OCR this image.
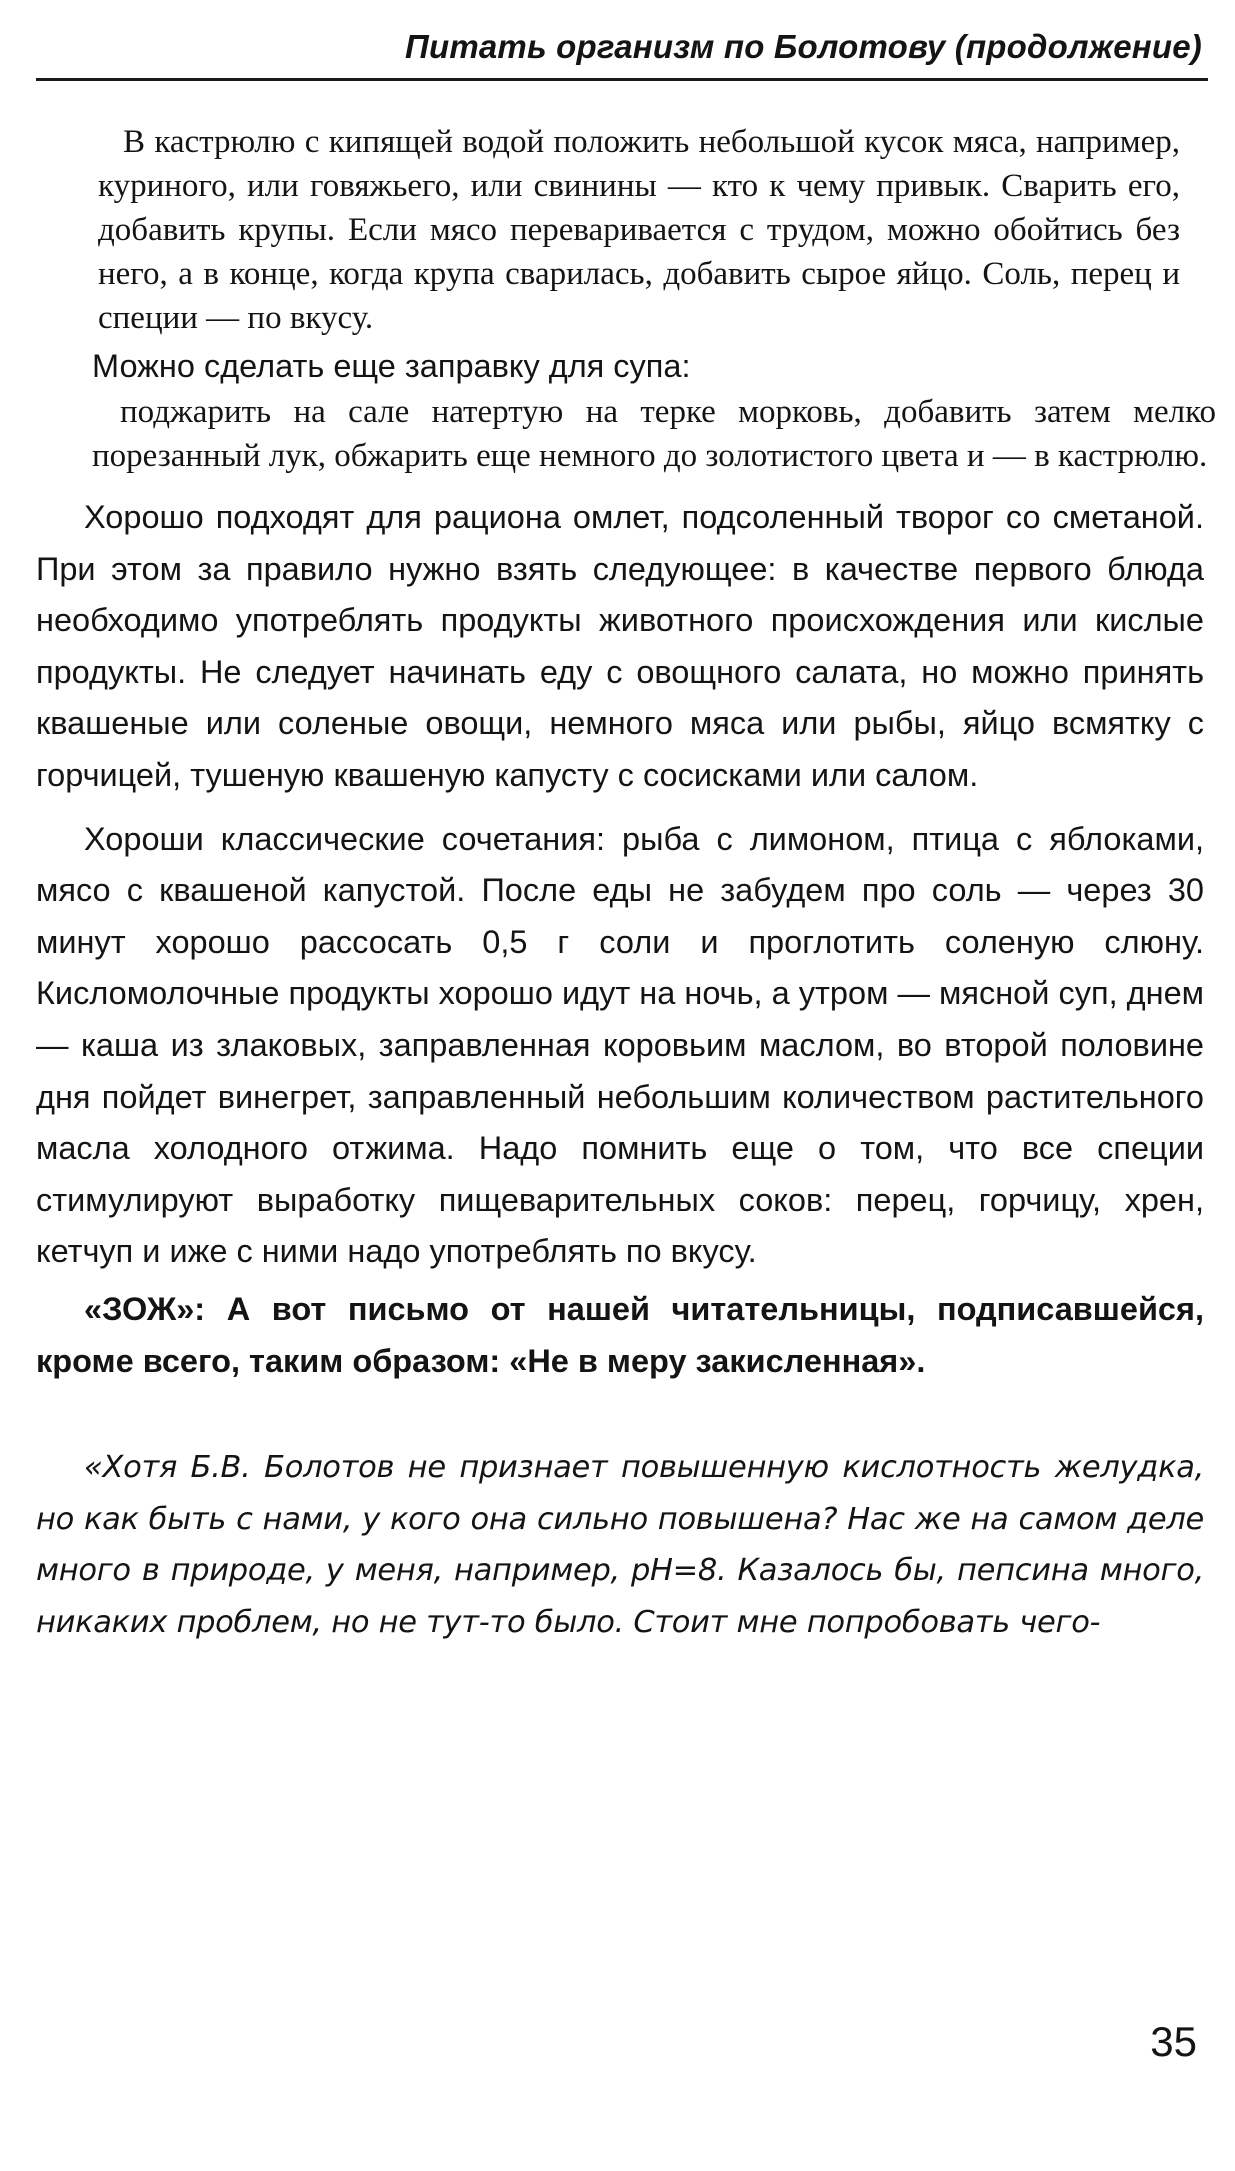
Питать организм по Болотову (продолжение)

В кастрюлю с кипящей водой положить небольшой кусок мяса, например, куриного, или говяжьего, или свинины — кто к чему привык. Сварить его, добавить крупы. Если мясо переваривается с трудом, можно обойтись без него, а в конце, когда крупа сварилась, добавить сырое яйцо. Соль, перец и специи — по вкусу.

Можно сделать еще заправку для супа:

поджарить на сале натертую на терке морковь, добавить затем мелко порезанный лук, обжарить еще немного до золотистого цвета и — в кастрюлю.

Хорошо подходят для рациона омлет, подсоленный творог со сметаной. При этом за правило нужно взять следующее: в качестве первого блюда необходимо употреблять продукты животного происхождения или кислые продукты. Не следует начинать еду с овощного салата, но можно принять квашеные или соленые овощи, немного мяса или рыбы, яйцо всмятку с горчицей, тушеную квашеную капусту с сосисками или салом.

Хороши классические сочетания: рыба с лимоном, птица с яблоками, мясо с квашеной капустой. После еды не забудем про соль — через 30 минут хорошо рассосать 0,5 г соли и проглотить соленую слюну. Кисломолочные продукты хорошо идут на ночь, а утром — мясной суп, днем — каша из злаковых, заправленная коровьим маслом, во второй половине дня пойдет винегрет, заправленный небольшим количеством растительного масла холодного отжима. Надо помнить еще о том, что все специи стимулируют выработку пищеварительных соков: перец, горчицу, хрен, кетчуп и иже с ними надо употреблять по вкусу.

«ЗОЖ»: А вот письмо от нашей читательницы, подписавшейся, кроме всего, таким образом: «Не в меру закисленная».

«Хотя Б.В. Болотов не признает повышенную кислотность желудка, но как быть с нами, у кого она сильно повышена? Нас же на самом деле много в природе, у меня, например, pH=8. Казалось бы, пепсина много, никаких проблем, но не тут-то было. Стоит мне попробовать чего-

35
